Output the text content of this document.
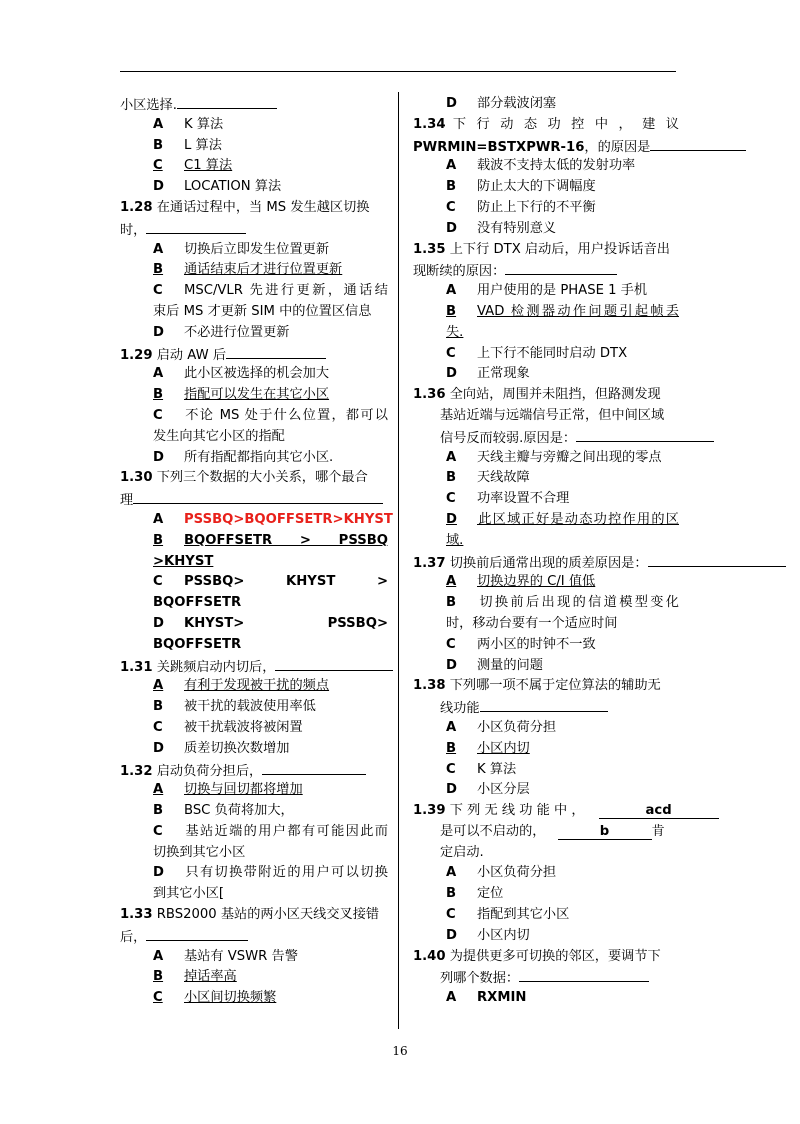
小区选择.
A K 算法
B L 算法
C C1 算法
D LOCATION 算法
1.28 在通话过程中，当 MS 发生越区切换
时，
A 切换后立即发生位置更新
B 通话结束后才进行位置更新
C MSC/VLR 先进行更新，通话结
束后 MS 才更新 SIM 中的位置区信息
D 不必进行位置更新
1.29 启动 AW 后
A 此小区被选择的机会加大
B 指配可以发生在其它小区
C 不论 MS 处于什么位置，都可以
发生向其它小区的指配
D 所有指配都指向其它小区.
1.30 下列三个数据的大小关系，哪个最合
理
A PSSBQ>BQOFFSETR>KHYST
B BQOFFSETR > PSSBQ
>KHYST
C PSSBQ> KHYST >
BQOFFSETR
D KHYST> PSSBQ>
BQOFFSETR
1.31 关跳频启动内切后，
A 有利于发现被干扰的频点
B 被干扰的载波使用率低
C 被干扰载波将被闲置
D 质差切换次数增加
1.32 启动负荷分担后，
A 切换与回切都将增加
B BSC 负荷将加大，
C 基站近端的用户都有可能因此而
切换到其它小区
D 只有切换带附近的用户可以切换
到其它小区[
1.33 RBS2000 基站的两小区天线交叉接错
后，
A 基站有 VSWR 告警
B 掉话率高
C 小区间切换频繁
D 部分载波闭塞
1.34 下 行 动 态 功 控 中 ， 建 议
PWRMIN=BSTXPWR-16，的原因是
A 载波不支持太低的发射功率
B 防止太大的下调幅度
C 防止上下行的不平衡
D 没有特别意义
1.35 上下行 DTX 启动后，用户投诉话音出
现断续的原因：
A 用户使用的是 PHASE 1 手机
B VAD 检测器动作问题引起帧丢
失.
C 上下行不能同时启动 DTX
D 正常现象
1.36 全向站，周围并未阻挡，但路测发现
基站近端与远端信号正常，但中间区域
信号反而较弱.原因是：
A 天线主瓣与旁瓣之间出现的零点
B 天线故障
C 功率设置不合理
D 此区域正好是动态功控作用的区
域.
1.37 切换前后通常出现的质差原因是：
A 切换边界的 C/I 值低
B 切换前后出现的信道模型变化
时，移动台要有一个适应时间
C 两小区的时钟不一致
D 测量的问题
1.38 下列哪一项不属于定位算法的辅助无
线功能
A 小区负荷分担
B 小区内切
C K 算法
D 小区分层
1.39 下 列 无 线 功 能 中 ，	acd
是可以不启动的，	b	肯
定启动.
A 小区负荷分担
B 定位
C 指配到其它小区
D 小区内切
1.40 为提供更多可切换的邻区，要调节下
列哪个数据：
A RXMIN
16
